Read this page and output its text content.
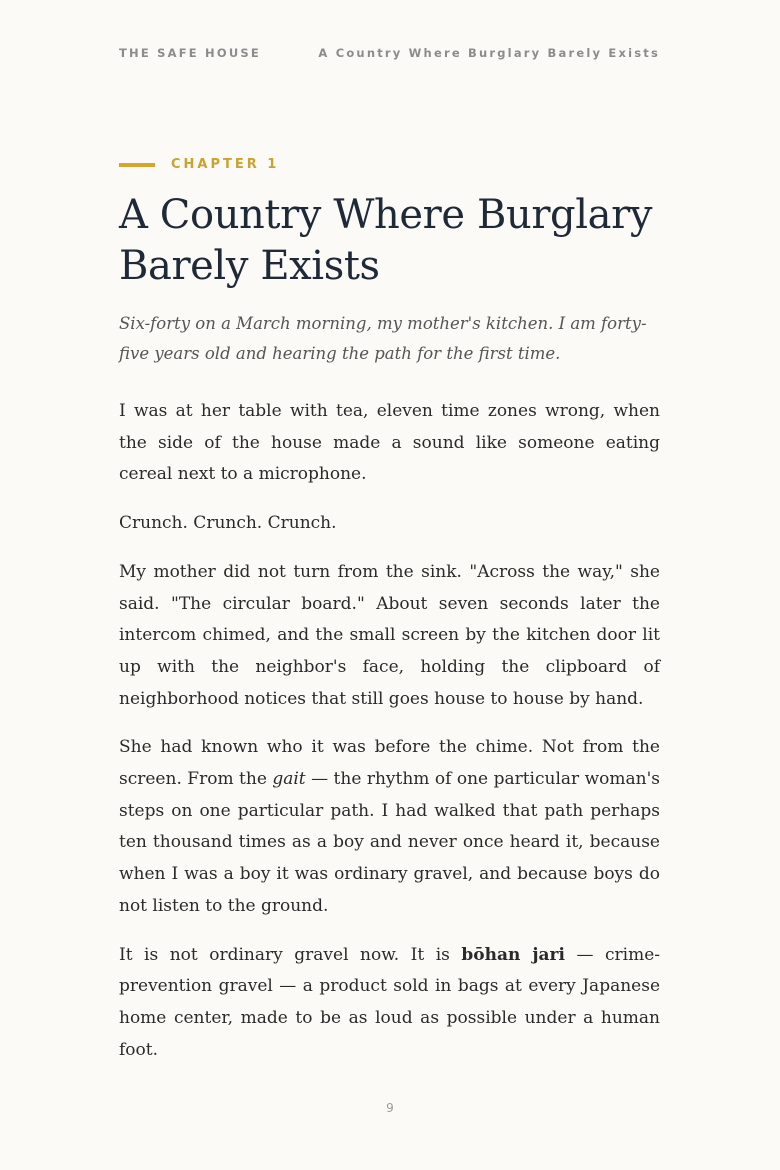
THE SAFE HOUSE	A Country Where Burglary Barely Exists
CHAPTER 1
A Country Where Burglary Barely Exists

Six-forty on a March morning, my mother's kitchen. I am forty-five years old and hearing the path for the first time.

I was at her table with tea, eleven time zones wrong, when the side of the house made a sound like someone eating cereal next to a microphone.

Crunch. Crunch. Crunch.

My mother did not turn from the sink. "Across the way," she said. "The circular board." About seven seconds later the intercom chimed, and the small screen by the kitchen door lit up with the neighbor's face, holding the clipboard of neighborhood notices that still goes house to house by hand.

She had known who it was before the chime. Not from the screen. From the gait — the rhythm of one particular woman's steps on one particular path. I had walked that path perhaps ten thousand times as a boy and never once heard it, because when I was a boy it was ordinary gravel, and because boys do not listen to the ground.

It is not ordinary gravel now. It is bōhan jari — crime-prevention gravel — a product sold in bags at every Japanese home center, made to be as loud as possible under a human foot.

9
